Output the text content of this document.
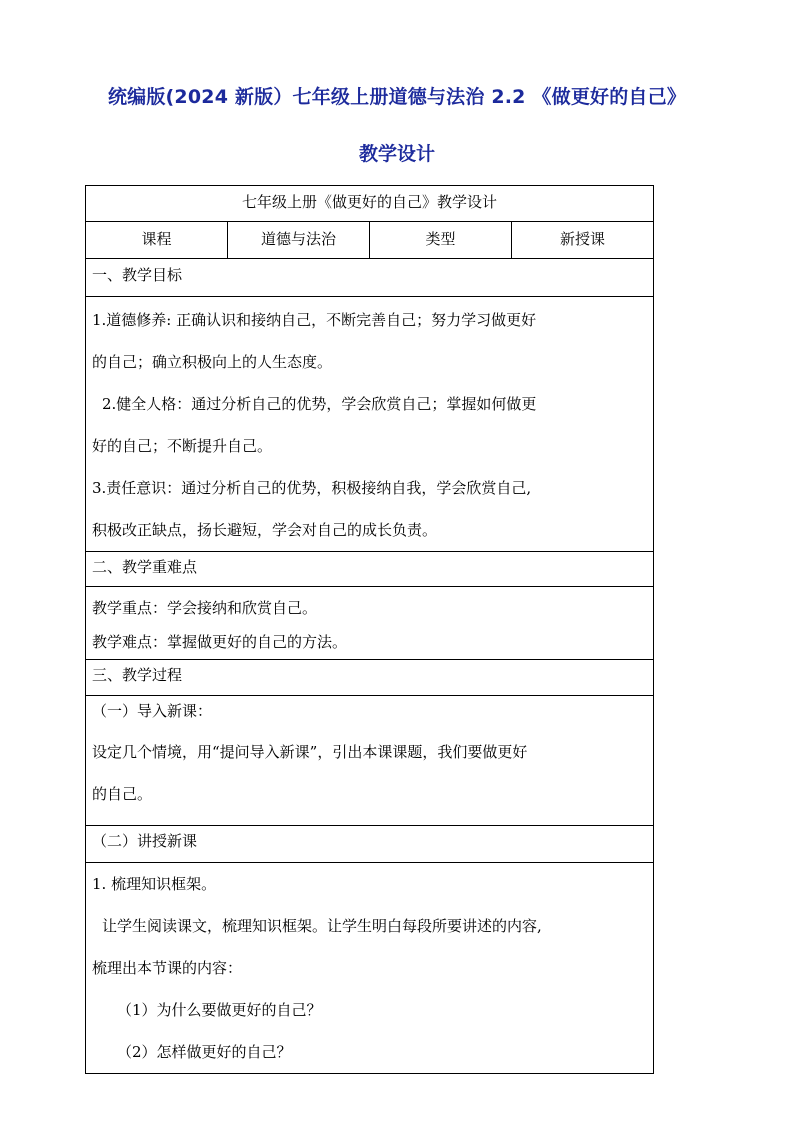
统编版(2024 新版）七年级上册道德与法治 2.2 《做更好的自己》
教学设计
七年级上册《做更好的自己》教学设计
课程	道德与法治	类型	新授课
一、教学目标

1.道德修养: 正确认识和接纳自己，不断完善自己；努力学习做更好

的自己；确立积极向上的人生态度。

2.健全人格：通过分析自己的优势，学会欣赏自己；掌握如何做更

好的自己；不断提升自己。

3.责任意识：通过分析自己的优势，积极接纳自我，学会欣赏自己,

积极改正缺点，扬长避短，学会对自己的成长负责。

二、教学重难点

教学重点：学会接纳和欣赏自己。

教学难点：掌握做更好的自己的方法。

三、教学过程

（一）导入新课：

设定几个情境，用“提问导入新课”，引出本课课题，我们要做更好

的自己。

（二）讲授新课

1. 梳理知识框架。

让学生阅读课文，梳理知识框架。让学生明白每段所要讲述的内容,

梳理出本节课的内容：

（1）为什么要做更好的自己？

（2）怎样做更好的自己？
